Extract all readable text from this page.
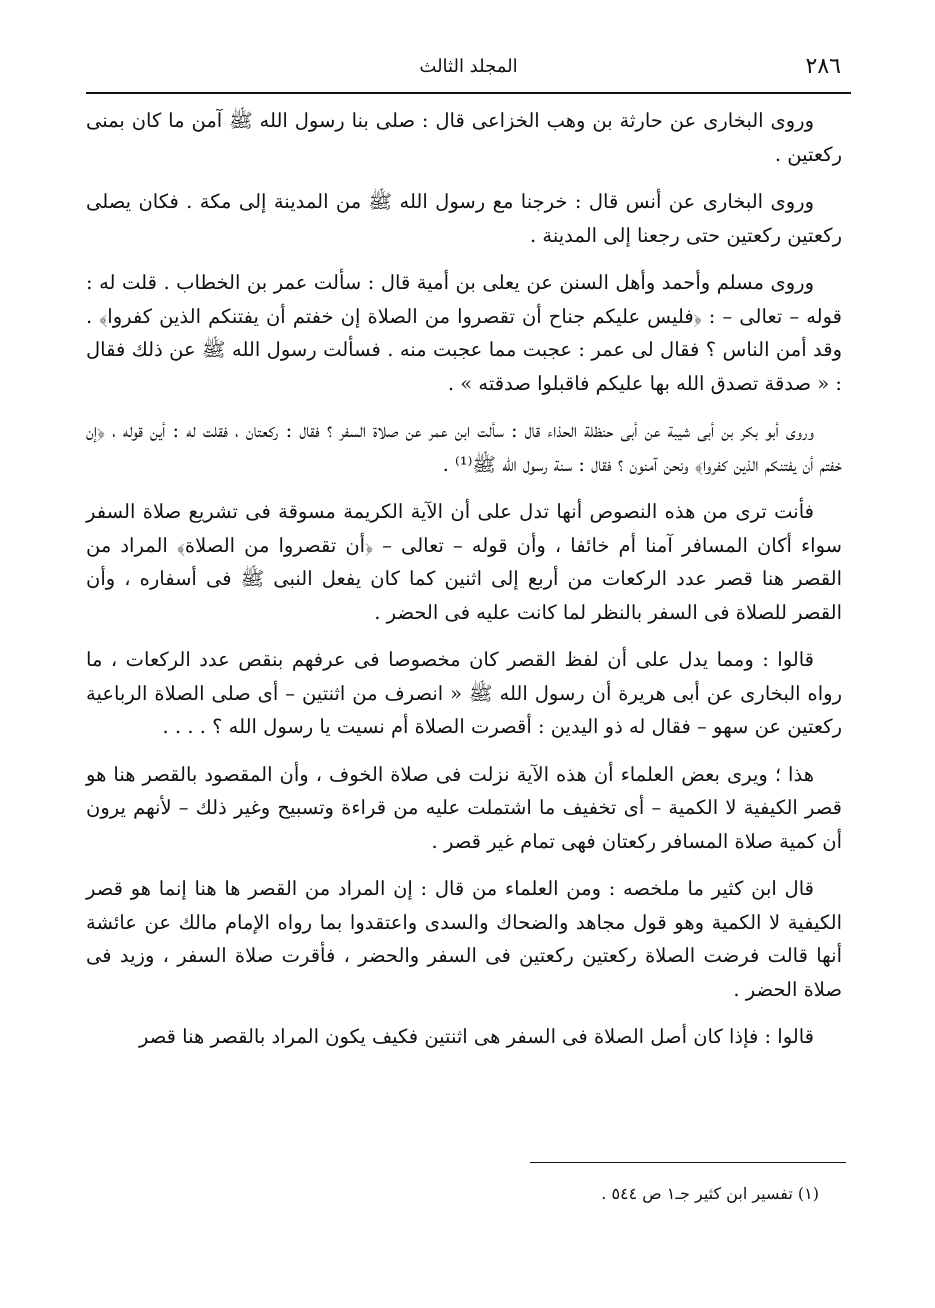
٢٨٦
المجلد الثالث

وروى البخارى عن حارثة بن وهب الخزاعى قال : صلى بنا رسول الله ﷺ آمن ما كان بمنى ركعتين .

وروى البخارى عن أنس قال : خرجنا مع رسول الله ﷺ من المدينة إلى مكة . فكان يصلى ركعتين ركعتين حتى رجعنا إلى المدينة .

وروى مسلم وأحمد وأهل السنن عن يعلى بن أمية قال : سألت عمر بن الخطاب . قلت له : قوله – تعالى – : ﴿فليس عليكم جناح أن تقصروا من الصلاة إن خفتم أن يفتنكم الذين كفروا﴾ . وقد أمن الناس ؟ فقال لى عمر : عجبت مما عجبت منه . فسألت رسول الله ﷺ عن ذلك فقال : « صدقة تصدق الله بها عليكم فاقبلوا صدقته » .

وروى أبو بكر بن أبى شيبة عن أبى حنظلة الحذاء قال : سألت ابن عمر عن صلاة السفر ؟ فقال : ركعتان ، فقلت له : أين قوله ، ﴿إن خفتم أن يفتنكم الذين كفروا﴾ ونحن آمنون ؟ فقال : سنة رسول الله ﷺ⁽¹⁾ .

فأنت ترى من هذه النصوص أنها تدل على أن الآية الكريمة مسوقة فى تشريع صلاة السفر سواء أكان المسافر آمنا أم خائفا ، وأن قوله – تعالى – ﴿أن تقصروا من الصلاة﴾ المراد من القصر هنا قصر عدد الركعات من أربع إلى اثنين كما كان يفعل النبى ﷺ فى أسفاره ، وأن القصر للصلاة فى السفر بالنظر لما كانت عليه فى الحضر .

قالوا : ومما يدل على أن لفظ القصر كان مخصوصا فى عرفهم بنقص عدد الركعات ، ما رواه البخارى عن أبى هريرة أن رسول الله ﷺ « انصرف من اثنتين – أى صلى الصلاة الرباعية ركعتين عن سهو – فقال له ذو اليدين : أقصرت الصلاة أم نسيت يا رسول الله ؟ . . . .

هذا ؛ ويرى بعض العلماء أن هذه الآية نزلت فى صلاة الخوف ، وأن المقصود بالقصر هنا هو قصر الكيفية لا الكمية – أى تخفيف ما اشتملت عليه من قراءة وتسبيح وغير ذلك – لأنهم يرون أن كمية صلاة المسافر ركعتان فهى تمام غير قصر .

قال ابن كثير ما ملخصه : ومن العلماء من قال : إن المراد من القصر ها هنا إنما هو قصر الكيفية لا الكمية وهو قول مجاهد والضحاك والسدى واعتقدوا بما رواه الإمام مالك عن عائشة أنها قالت فرضت الصلاة ركعتين ركعتين فى السفر والحضر ، فأقرت صلاة السفر ، وزيد فى صلاة الحضر .

قالوا : فإذا كان أصل الصلاة فى السفر هى اثنتين فكيف يكون المراد بالقصر هنا قصر

(١) تفسير ابن كثير جـ١ ص ٥٤٤ .
